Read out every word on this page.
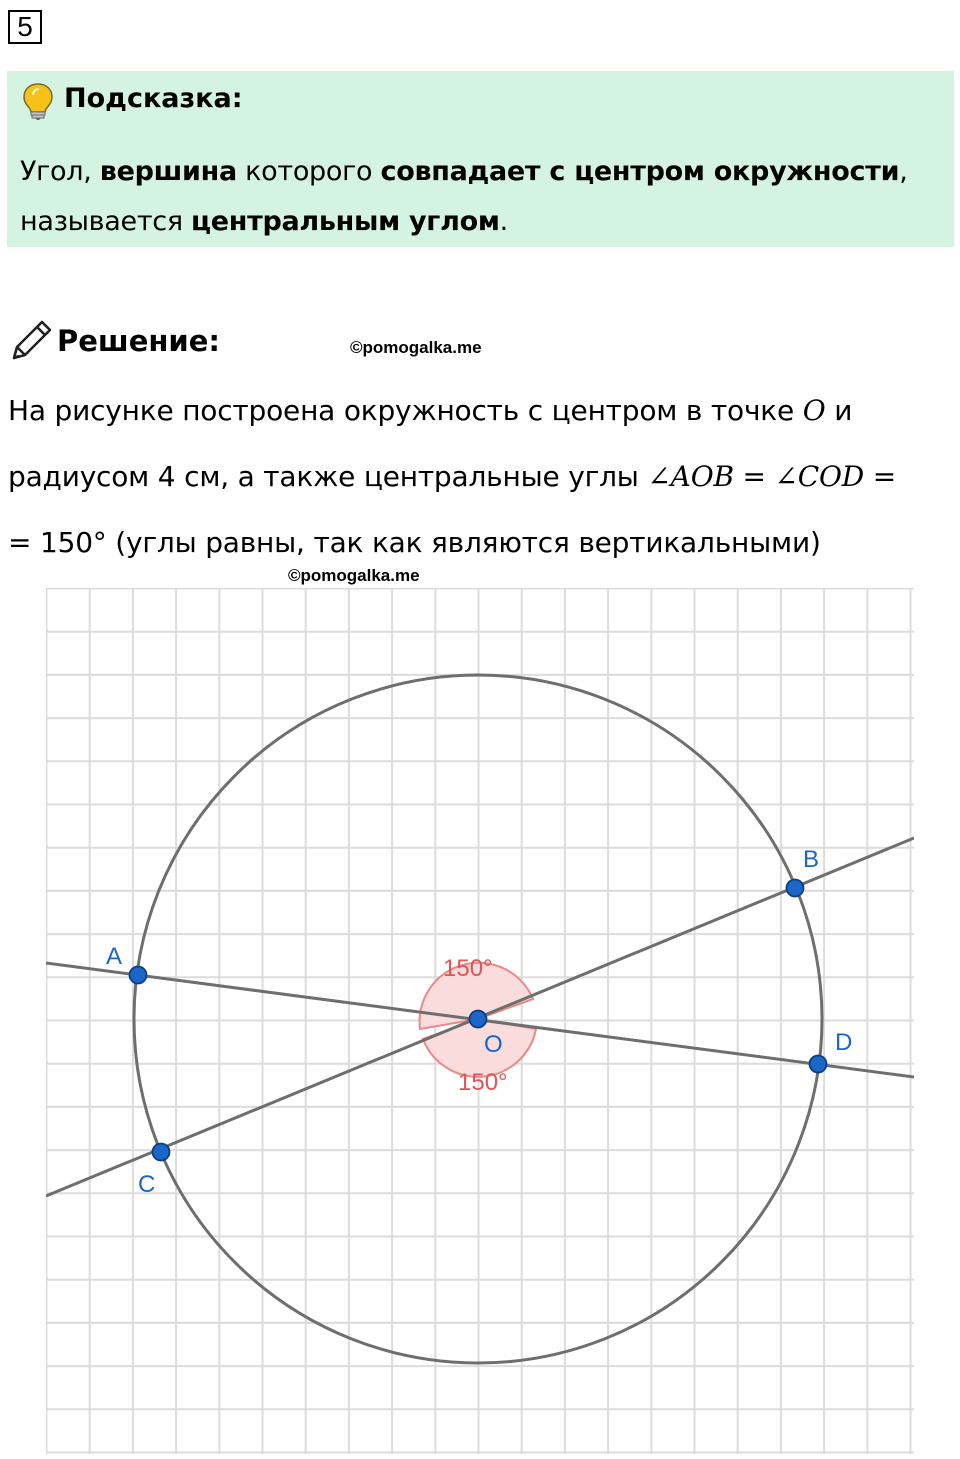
5
Подсказка:
Угол, вершина которого совпадает с центром окружности,
называется центральным углом.
Решение:	©pomogalka.me
На рисунке построена окружность с центром в точке O и
радиусом 4 см, а также центральные углы ∠AOB = ∠COD =
= 150° (углы равны, так как являются вертикальными)
©pomogalka.me
150°
150°
A
B
C
D
O
